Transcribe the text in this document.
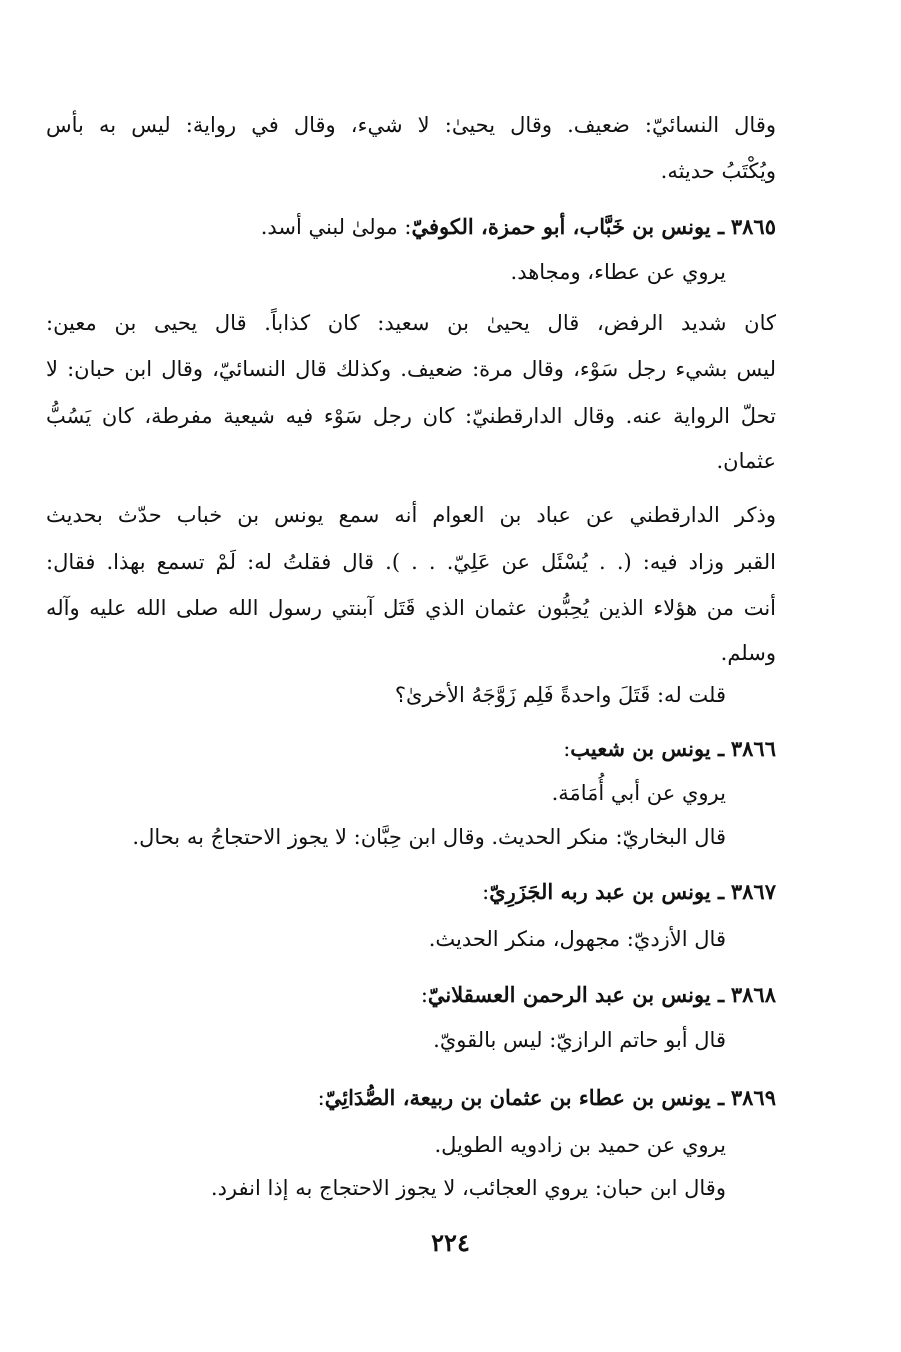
وقال النسائيّ: ضعيف. وقال يحيىٰ: لا شيء، وقال في رواية: ليس به بأس
ويُكْتَبُ حديثه.
٣٨٦٥ ـ يونس بن خَبَّاب، أبو حمزة، الكوفيّ: مولىٰ لبني أسد.
يروي عن عطاء، ومجاهد.
كان شديد الرفض، قال يحيىٰ بن سعيد: كان كذاباً. قال يحيى بن معين:
ليس بشيء رجل سَوْء، وقال مرة: ضعيف. وكذلك قال النسائيّ، وقال ابن حبان: لا
تحلّ الرواية عنه. وقال الدارقطنيّ: كان رجل سَوْء فيه شيعية مفرطة، كان يَسُبُّ
عثمان.
وذكر الدارقطني عن عباد بن العوام أنه سمع يونس بن خباب حدّث بحديث
القبر وزاد فيه: (. . يُسْئَل عن عَلِيّ. . . ). قال فقلتُ له: لَمْ تسمع بهذا. فقال:
أنت من هؤلاء الذين يُحِبُّون عثمان الذي قَتَل آبنتي رسول الله صلى الله عليه وآله
وسلم.
قلت له: قَتَلَ واحدةً فَلِم زَوَّجَهُ الأخرىٰ؟
٣٨٦٦ ـ يونس بن شعيب:
يروي عن أبي أُمَامَة.
قال البخاريّ: منكر الحديث. وقال ابن حِبَّان: لا يجوز الاحتجاجُ به بحال.
٣٨٦٧ ـ يونس بن عبد ربه الجَزَرِيّ:
قال الأزديّ: مجهول، منكر الحديث.
٣٨٦٨ ـ يونس بن عبد الرحمن العسقلانيّ:
قال أبو حاتم الرازيّ: ليس بالقويّ.
٣٨٦٩ ـ يونس بن عطاء بن عثمان بن ربيعة، الصُّدَائِيّ:
يروي عن حميد بن زادويه الطويل.
وقال ابن حبان: يروي العجائب، لا يجوز الاحتجاج به إذا انفرد.
٢٢٤
